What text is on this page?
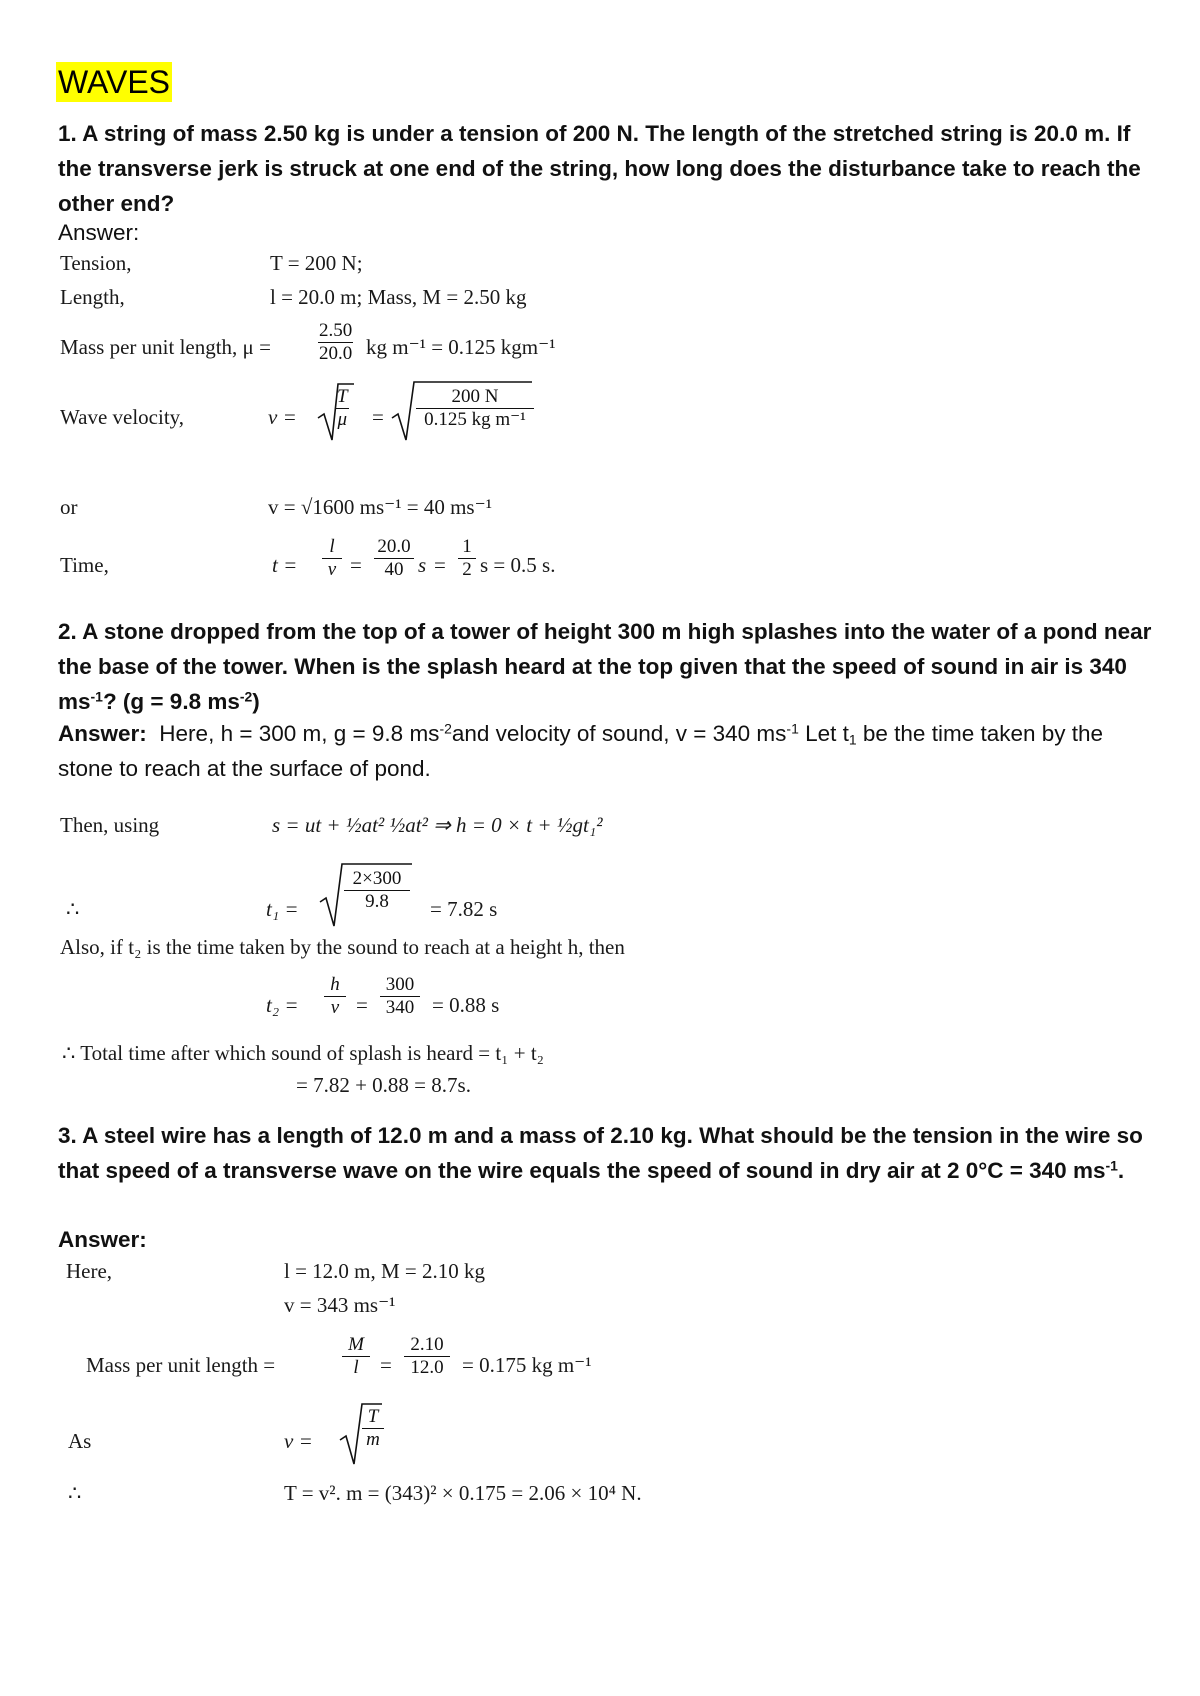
WAVES
1. A string of mass 2.50 kg is under a tension of 200 N. The length of the stretched string is 20.0 m. If the transverse jerk is struck at one end of the string, how long does the disturbance take to reach the other end?
Answer:
Tension,	T = 200 N;
Length,	l = 20.0 m; Mass, M = 2.50 kg
Mass per unit length, $\mu = \frac{2.50}{20.0}$ kg m⁻¹ = 0.125 kgm⁻¹
Wave velocity,	$v = \frac{T}{\mu} = \frac{200 N}{\text{0.125 kg m⁻¹}}$
or	v = √1600 ms⁻¹ = 40 ms⁻¹
Time,	$t = \frac{l}{v} = \frac{20.0}{40}$ $s = \frac{1}{2}$ s = 0.5 s.
2. A stone dropped from the top of a tower of height 300 m high splashes into the water of a pond near the base of the tower. When is the splash heard at the top given that the speed of sound in air is 340 $ms^{-1}$? (g = 9.8 $ms^{-2}$)
Answer: Here, h = 300 m, g = 9.8 $ms^{-2}and$ velocity of sound, v = 340 $ms^{-1}$ Let $t_1$ be the time taken by the stone to reach at the surface of pond.
Then, using	s = ut + ½at² ½at² ⇒ h = 0 × t + ½gt₁²
∴	$t_1 = \frac{2\times 300}{9.8} = 7.82$ s
Also, if t₂ is the time taken by the sound to reach at a height h, then
$t_2 = \frac{h}{v} = \frac{300}{340} = 0.88$ s
∴ Total time after which sound of splash is heard = t₁ + t₂
= 7.82 + 0.88 = 8.7s.
3. A steel wire has a length of 12.0 m and a mass of 2.10 kg. What should be the tension in the wire so that speed of a transverse wave on the wire equals the speed of sound in dry air at 2 0°C = 340 $ms^{-1}$.
Answer:
Here,	l = 12.0 m, M = 2.10 kg
v = 343 ms⁻¹
Mass per unit length =	$\frac{M}{l} = \frac{2.10}{12.0} = 0.175$ kg m⁻¹
As	v =	$\frac{T}{m}$
∴	T = v². m = (343)² × 0.175 = 2.06 × 10⁴ N.
